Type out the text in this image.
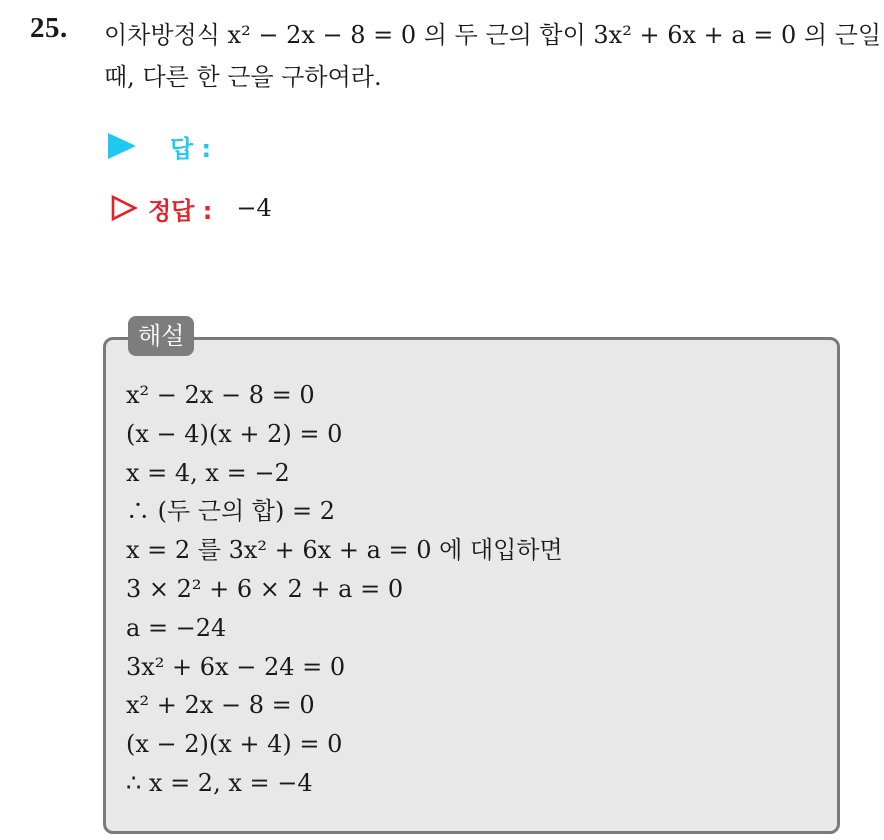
25. 이차방정식 x² − 2x − 8 = 0 의 두 근의 합이 3x² + 6x + a = 0 의 근일
때, 다른 한 근을 구하여라.
답 :
정답 : −4
해설
x² − 2x − 8 = 0
(x − 4)(x + 2) = 0
x = 4, x = −2
∴ (두 근의 합) = 2
x = 2 를 3x² + 6x + a = 0 에 대입하면
3 × 2² + 6 × 2 + a = 0
a = −24
3x² + 6x − 24 = 0
x² + 2x − 8 = 0
(x − 2)(x + 4) = 0
∴ x = 2, x = −4
